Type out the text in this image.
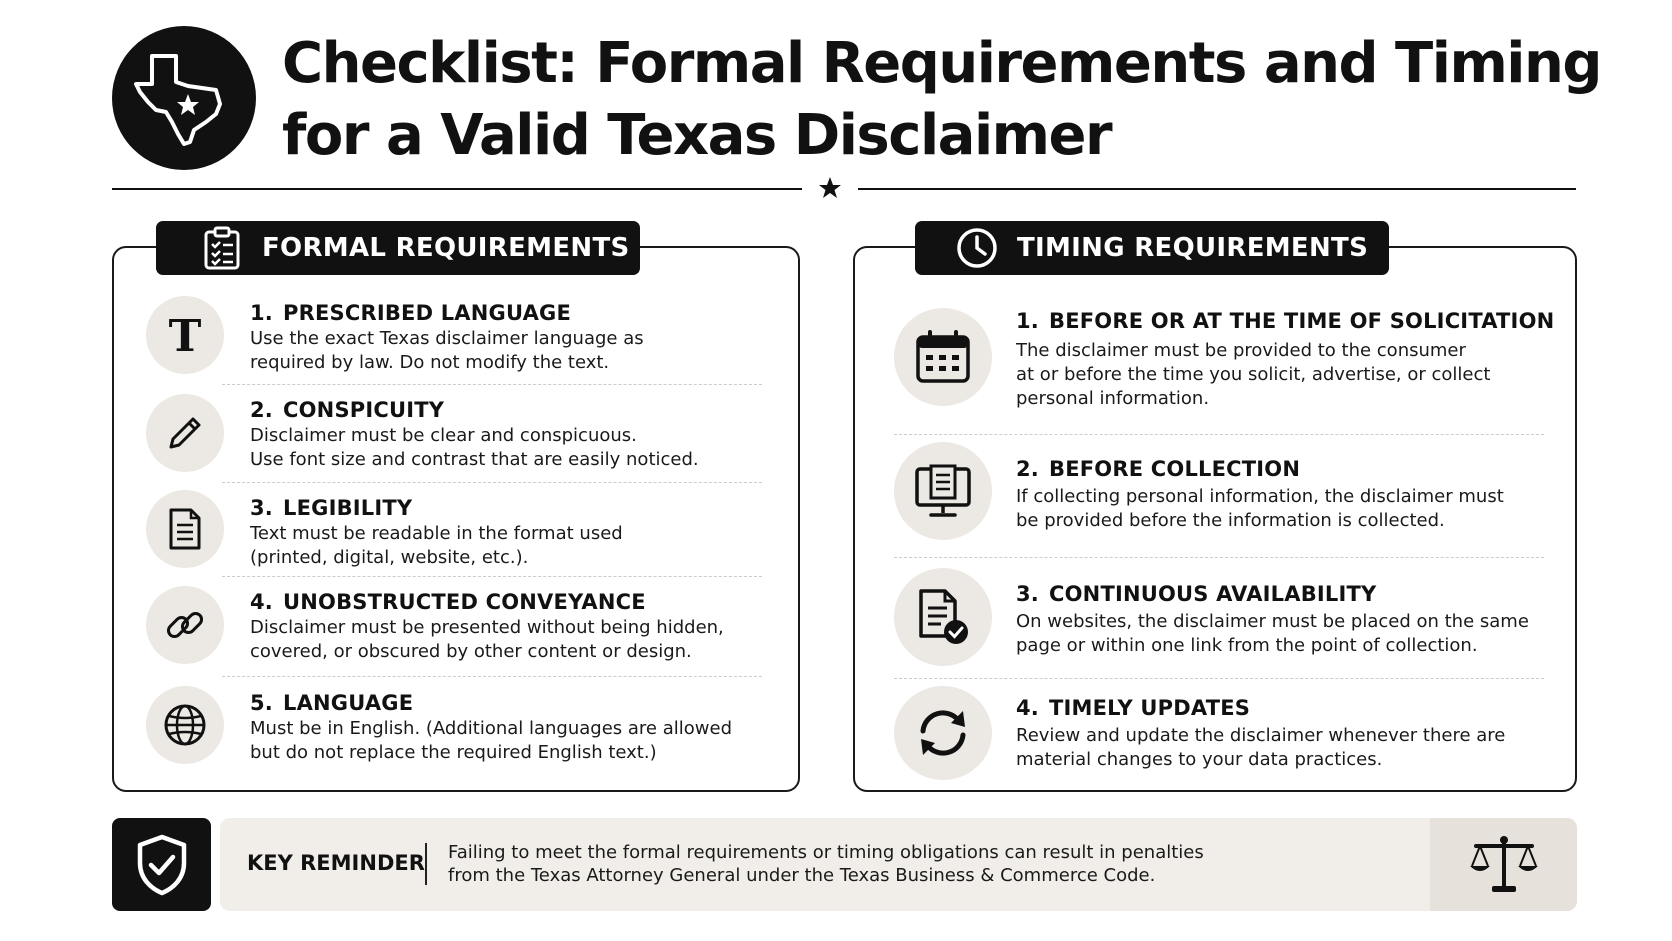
Checklist: Formal Requirements and Timing
for a Valid Texas Disclaimer
FORMAL REQUIREMENTS	TIMING REQUIREMENTS
T 1. PRESCRIBED LANGUAGE
Use the exact Texas disclaimer language as
required by law. Do not modify the text.
2. CONSPICUITY
Disclaimer must be clear and conspicuous.
Use font size and contrast that are easily noticed.
3. LEGIBILITY
Text must be readable in the format used
(printed, digital, website, etc.).
4. UNOBSTRUCTED CONVEYANCE
Disclaimer must be presented without being hidden,
covered, or obscured by other content or design.
5. LANGUAGE
Must be in English. (Additional languages are allowed
but do not replace the required English text.)
1. BEFORE OR AT THE TIME OF SOLICITATION
The disclaimer must be provided to the consumer
at or before the time you solicit, advertise, or collect
personal information.
2. BEFORE COLLECTION
If collecting personal information, the disclaimer must
be provided before the information is collected.
3. CONTINUOUS AVAILABILITY
On websites, the disclaimer must be placed on the same
page or within one link from the point of collection.
4. TIMELY UPDATES
Review and update the disclaimer whenever there are
material changes to your data practices.
KEY REMINDER Failing to meet the formal requirements or timing obligations can result in penalties
from the Texas Attorney General under the Texas Business & Commerce Code.
